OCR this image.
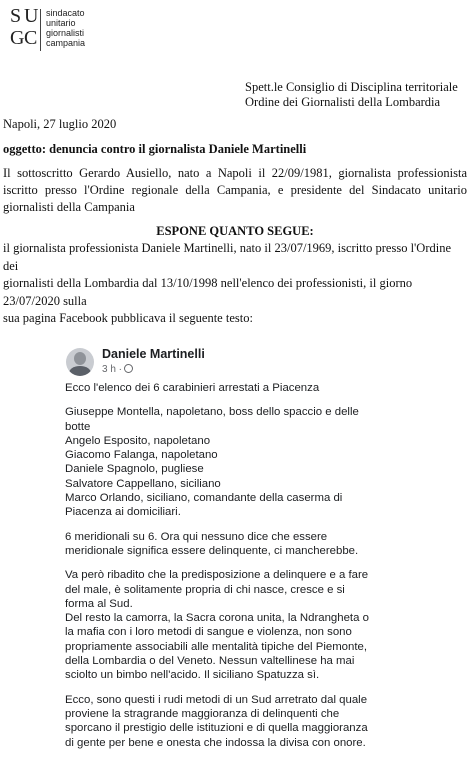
S U
G C
sindacato
unitario
giornalisti
campania
Spett.le Consiglio di Disciplina territoriale
Ordine dei Giornalisti della Lombardia
Napoli, 27 luglio 2020
oggetto: denuncia contro il giornalista Daniele Martinelli
Il sottoscritto Gerardo Ausiello, nato a Napoli il 22/09/1981, giornalista professionista iscritto presso l'Ordine regionale della Campania, e presidente del Sindacato unitario giornalisti della Campania
ESPONE QUANTO SEGUE:
il giornalista professionista Daniele Martinelli, nato il 23/07/1969, iscritto presso l'Ordine dei
giornalisti della Lombardia dal 13/10/1998 nell'elenco dei professionisti, il giorno 23/07/2020 sulla
sua pagina Facebook pubblicava il seguente testo:
Daniele Martinelli
3 h ·

Ecco l'elenco dei 6 carabinieri arrestati a Piacenza

Giuseppe Montella, napoletano, boss dello spaccio e delle
botte
Angelo Esposito, napoletano
Giacomo Falanga, napoletano
Daniele Spagnolo, pugliese
Salvatore Cappellano, siciliano
Marco Orlando, siciliano, comandante della caserma di
Piacenza ai domiciliari.

6 meridionali su 6. Ora qui nessuno dice che essere
meridionale significa essere delinquente, ci mancherebbe.

Va però ribadito che la predisposizione a delinquere e a fare
del male, è solitamente propria di chi nasce, cresce e si
forma al Sud.
Del resto la camorra, la Sacra corona unita, la Ndrangheta o
la mafia con i loro metodi di sangue e violenza, non sono
propriamente associabili alle mentalità tipiche del Piemonte,
della Lombardia o del Veneto. Nessun valtellinese ha mai
sciolto un bimbo nell'acido. Il siciliano Spatuzza sì.

Ecco, sono questi i rudi metodi di un Sud arretrato dal quale
proviene la stragrande maggioranza di delinquenti che
sporcano il prestigio delle istituzioni e di quella maggioranza
di gente per bene e onesta che indossa la divisa con onore.
